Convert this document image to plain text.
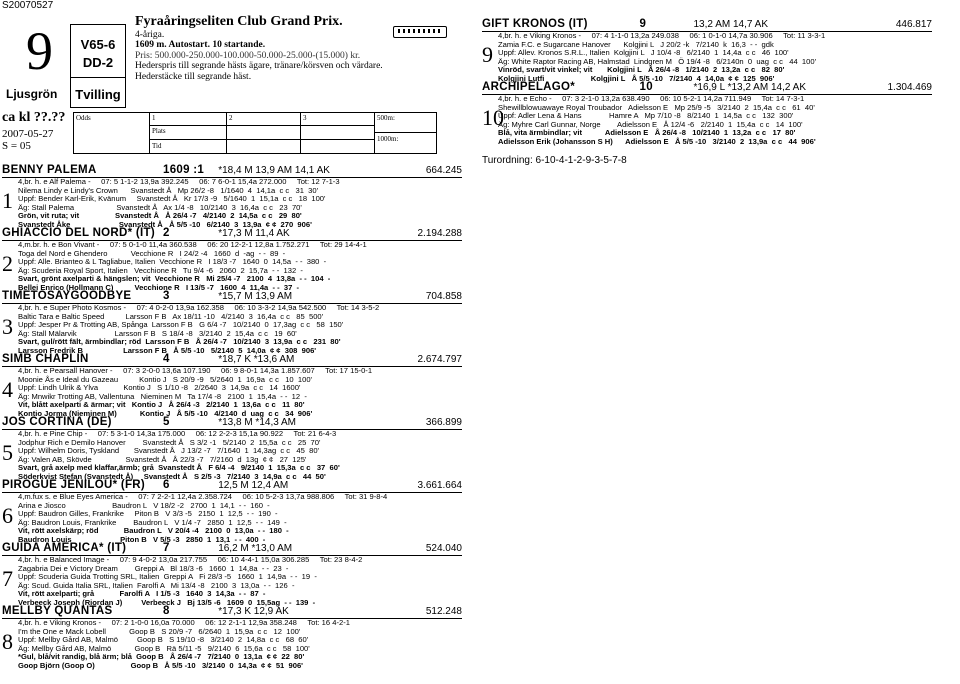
S20070527
9
Ljusgrön
V65-6
DD-2
Tvilling
Fyraåringseliten Club Grand Prix.
4-åriga.
1609 m. Autostart. 10 startande.
Pris: 500.000-250.000-100.000-50.000-25.000-(15.000) kr.
Hederspris till segrande hästs ägare, tränare/körsven och värdare.
Hederstäcke till segrande häst.
ca kl ??.??
2007-05-27
S = 05
Odds
Plats
Tid
1	2	3	500m:
1000m:
BENNY PALEMA	1609 :1	*18,4 M 13,9 AM 14,1 AK	664.245
1
4,br. h. e Alf Palema -     07: 5 1-1-2 13,9a 392.245     06: 7 6-0-1 15,4a 272.000     Tot: 12 7-1-3
Nilema Lindy e Lindy's Crown      Svanstedt Å   Mp 26/2 -8   1/1640  4  14,1a  c c   31  30'
Uppf: Bender Karl-Erik, Kvänum     Svanstedt Å   Kr 17/3 -9   5/1640  1  15,1a  c c   18  100'
Äg: Stall Palema                    Svanstedt Å   Ax 1/4 -8   10/2140  3  16,4a  c c   23  70'
Grön, vit ruta; vit                 Svanstedt Å   Å 26/4 -7   4/2140  2  14,5a  c c   29  80'
Svanstedt Åke                       Svanstedt Å   Å 5/5 -10   6/2140  3  13,9a  ¢ ¢  270  906'
GHIACCIO DEL NORD* (IT) 2	*17,3 M 11,4 AK	2.194.288
2
4,m.br. h. e Bon Vivant -     07: 5 0-1-0 11,4a 360.538     06: 20 12-2-1 12,8a 1.752.271     Tot: 29 14-4-1
Toga del Nord e Ghendero           Vecchione R   I 24/2 -4   1660  d  -ag  - -  89  -
Uppf: Alle. Brianteo & L Tagliabue, Italien  Vecchione R   I 18/3 -7   1640  0  14,5a  - -  380  -
Äg: Scuderia Royal Sport, Italien   Vecchione R   Tu 9/4 -6   2060  2  15,7a  - -  132  -
Svart, grönt axelparti & hängslen; vit  Vecchione R   Mi 25/4 -7   2100  4  13,8a  - -  104  -
Bellei Enrico (Hollmann C)          Vecchione R   I 13/5 -7   1600  4  11,4a  - -  37  -
TIMETOSAYGOODBYE	3	*15,7 M 13,9 AM	704.858
3
4,br. h. e Super Photo Kosmos -     07: 4 0-2-0 13,9a 162.358     06: 10 3-3-2 14,9a 542.500     Tot: 14 3-5-2
Baltic Tara e Baltic Speed          Larsson F B   Ax 18/11 -10   4/2140  3  16,4a  c c   85  500'
Uppf: Jesper Pr & Trotting AB, Spånga  Larsson F B   G 6/4 -7   10/2140  0  17,3ag  c c   58  150'
Äg: Stall Mälarvik                  Larsson F B   S 18/4 -8   3/2140  2  15,4a  c c   19  60'
Svart, gul/rött fält, ärmbindlar; röd  Larsson F B   Å 26/4 -7   10/2140  3  13,9a  c c   231  80'
Larsson Fredrik B                   Larsson F B   Å 5/5 -10   5/2140  5  14,0a  ¢ ¢  308  906'
SIMB CHAPLIN	4	*18,7 K *13,6 AM	2.674.797
4
4,br. h. e Pearsall Hanover -     07: 3 2-0-0 13,6a 107.190     06: 9 8-0-1 14,3a 1.857.607     Tot: 17 15-0-1
Moonie Ås e Ideal du Gazeau          Kontio J   S 20/9 -9   5/2640  1  16,9a  c c   10  100'
Uppf: Lindh Ulrik & Ylva            Kontio J   S 1/10 -8   2/2640  3  14,9a  c c   14  1600'
Äg: Mnwikr Trotting AB, Vallentuna   Nieminen M   Ta 17/4 -8   2100  1  15,4a  - -  12  -
Vit, blått axelparti & ärmar; vit   Kontio J   Å 26/4 -3   2/2140  1  13,6a  c c   11  80'
Kontio Jorma (Nieminen M)           Kontio J   Å 5/5 -10   4/2140  d  uag  c c   34  906'
JOS CORTINA (DE)	5	*13,8 M *14,3 AM	366.899
5
4,br. h. e Pine Chip -     07: 5 3-1-0 14,3a 175.000     06: 12 2-2-3 15,1a 90.922     Tot: 21 6-4-3
Jodphur Rich e Demilo Hanover        Svanstedt Å   S 3/2 -1   5/2140  2  15,5a  c c   25  70'
Uppf: Wilhelm Doris, Tyskland       Svanstedt Å   J 13/2 -7   7/1640  1  14,3ag  c c   45  80'
Äg: Valen AB, Skövde                Svanstedt Å   Å 22/3 -7   7/2160  d  13g  ¢ ¢   27  125'
Svart, grå axelp med klaffar,ärmb; grå  Svanstedt Å   F 6/4 -4   9/2140  1  15,3a  c c   37  60'
Söderkvist Stefan (Svanstedt Å)     Svanstedt Å   S 2/5 -3   7/2140  3  14,9a  c c   44  50'
PIROGUE JENILOU* (FR)	6	12,5 M 12,4 AM	3.661.664
6
4,m.fux s. e Blue Eyes America -     07: 7 2-2-1 12,4a 2.358.724     06: 10 5-2-3 13,7a 988.806     Tot: 31 9-8-4
Arina e Jiosco                      Baudron L   V 18/2 -2   2700  1  14,1  - -  160  -
Uppf: Baudron Gilles, Frankrike     Piton B   V 3/3 -5   2150  1  12,5  - -  190  -
Äg: Baudron Louis, Frankrike        Baudron L   V 1/4 -7   2850  1  12,5  - -  149  -
Vit, rött axelskärp; röd            Baudron L   V 20/4 -4   2100  0  13,0a  - -  180  -
Baudron Louis                       Piton B   V 5/5 -3   2850  1  13,1  - -  400  -
GUIDA AMERICA* (IT)	7	16,2 M *13,0 AM	524.040
7
4,br. h. e Balanced Image -     07: 9 4-0-2 13,0a 217.755     06: 10 4-4-1 15,0a 306.285     Tot: 23 8-4-2
Zagabria Dei e Victory Dream        Greppi A   Bl 18/3 -6   1660  1  14,8a  - -  23  -
Uppf: Scuderia Guida Trotting SRL, Italien  Greppi A   Fi 28/3 -5   1660  1  14,9a  - -  19  -
Äg: Scud. Guida Italia SRL, Italien  Farolfi A   Mi 13/4 -8   2100  3  13,0a  - -  126  -
Vit, rött axelparti; grå            Farolfi A   I 1/5 -3   1640  3  14,3a  - -  87  -
Verbeeck Joseph (Riordan J)         Verbeeck J   Bj 13/5 -6   1609  0  15,5ag  - -  139  -
MELLBY QUANTAS	8	*17,3 K 12,9 AK	512.248
8
4,br. h. e Viking Kronos -     07: 2 1-0-0 16,0a 70.000     06: 12 2-1-1 12,9a 358.248     Tot: 16 4-2-1
I'm the One e Mack Lobell           Goop B   S 20/9 -7   6/2640  1  15,9a  c c   12  100'
Uppf: Mellby Gård AB, Malmö         Goop B   S 19/10 -8   3/2140  2  14,8a  c c   68  60'
Äg: Mellby Gård AB, Malmö           Goop B   Rä 5/11 -5   9/2140  6  15,6a  c c   58  100'
*Gul, blå/vit randig, blå ärm; blå  Goop B   Å 26/4 -7   7/2140  0  13,1a  ¢ ¢  22  80'
Goop Björn (Goop O)                 Goop B   Å 5/5 -10   3/2140  0  14,3a  ¢ ¢  51  906'
GIFT KRONOS (IT)	9	13,2 AM 14,7 AK	446.817
9
4,br. h. e Viking Kronos -     07: 4 1-1-0 13,2a 249.038     06: 1 0-1-0 14,7a 30.906     Tot: 11 3-3-1
Zamia F.C. e Sugarcane Hanover      Kolgjini L   J 20/2 -k   7/2140  k  16,3  - -  gdk
Uppf: Allev. Kronos S.R.L., Italien  Kolgjini L   J 10/4 -8   6/2140  1  14,4a  c c   46  100'
Äg: White Raptor Racing AB, Halmstad  Lindgren M   Ö 19/4 -8   6/2140n  0  uag  c c   44  100'
Vinröd, svart/vit vinkel; vit       Kolgjini L   Å 26/4 -8   1/2140  2  13,2a  c c   82  80'
Kolgjini Lutfi                      Kolgjini L   Å 5/5 -10   7/2140  4  14,0a  ¢ ¢  125  906'
ARCHIPELAGO*	10	*16,9 L *13,2 AM 14,2 AK	1.304.469
10
4,br. h. e Echo -     07: 3 2-1-0 13,2a 638.490     06: 10 5-2-1 14,2a 711.949     Tot: 14 7-3-1
Shewillblowuawaye Royal Troubador   Adielsson E   Mp 25/9 -5   3/2140  2  15,4a  c c   61  40'
Uppf: Adler Lena & Hans             Hamre A   Mp 7/10 -8   8/2140  1  14,5a  c c   132  300'
Äg: Myhre Carl Gunnar, Norge        Adielsson E   Å 12/4 -6   2/2140  1  15,4a  c c   14  100'
Blå, vita ärmbindlar; vit           Adielsson E   Å 26/4 -8   10/2140  1  13,2a  c c   17  80'
Adielsson Erik (Johansson S H)      Adielsson E   Å 5/5 -10   3/2140  2  13,9a  c c   44  906'
Turordning: 6-10-4-1-2-9-3-5-7-8
